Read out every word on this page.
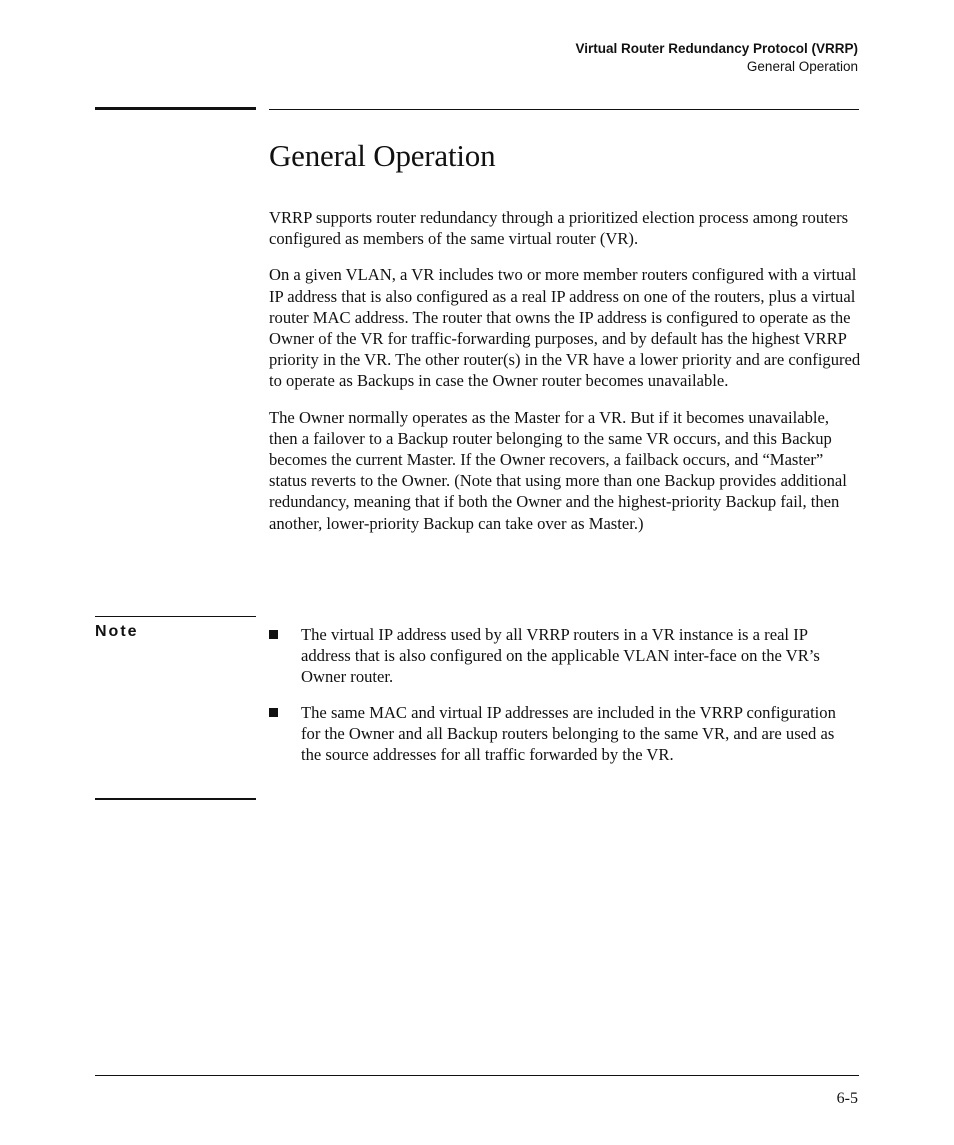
Virtual Router Redundancy Protocol (VRRP)
General Operation
General Operation

VRRP supports router redundancy through a prioritized election process among routers configured as members of the same virtual router (VR).

On a given VLAN, a VR includes two or more member routers configured with a virtual IP address that is also configured as a real IP address on one of the routers, plus a virtual router MAC address. The router that owns the IP address is configured to operate as the Owner of the VR for traffic-forwarding purposes, and by default has the highest VRRP priority in the VR. The other router(s) in the VR have a lower priority and are configured to operate as Backups in case the Owner router becomes unavailable.

The Owner normally operates as the Master for a VR. But if it becomes unavailable, then a failover to a Backup router belonging to the same VR occurs, and this Backup becomes the current Master. If the Owner recovers, a failback occurs, and “Master” status reverts to the Owner. (Note that using more than one Backup provides additional redundancy, meaning that if both the Owner and the highest-priority Backup fail, then another, lower-priority Backup can take over as Master.)

Note	The virtual IP address used by all VRRP routers in a VR instance is a real IP address that is also configured on the applicable VLAN inter-face on the VR’s Owner router.
The same MAC and virtual IP addresses are included in the VRRP configuration for the Owner and all Backup routers belonging to the same VR, and are used as the source addresses for all traffic forwarded by the VR.
6-5
